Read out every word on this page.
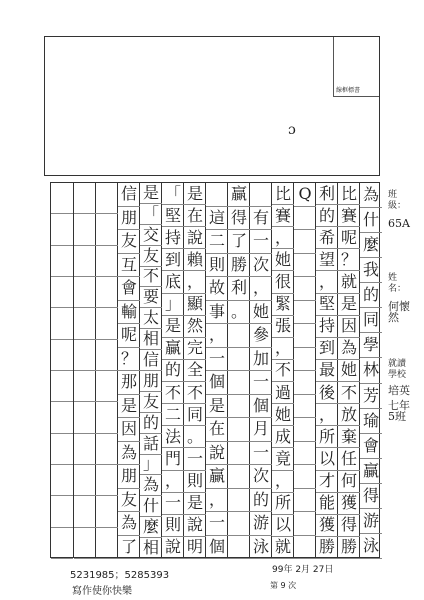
線框標書
ɔ
為
什
麼
我
的
同
學
林
芳
瑜
會
贏
得
游
泳
比
賽
呢
？
就
是
因
為
她
不
放
棄
任
何
獲
得
勝
利
的
希
望
，
堅
持
到
最
後
，
所
以
才
能
獲
勝
Q
比
賽
，
她
很
緊
張
，
不
過
她
成
竟
，
所
以
就
有
一
次
，
她
參
加
一
個
月
一
次
的
游
泳
贏
得
了
勝
利
。
這
二
則
故
事
，
一
個
是
在
說
贏
，
一
個
是
在
說
賴
，
顯
然
完
全
不
同
。
一
則
是
說
明
「
堅
持
到
底
」
是
贏
的
不
二
法
門
，
一
則
說
是
「
交
友
不
要
太
相
信
朋
友
的
話
」
為
什
麼
相
信
朋
友
互
會
輸
呢
？
那
是
因
為
朋
友
為
了
班級：
65A
姓名：
何懷然
就讀學校
培英
七年5班
5231985；5285393
寫作使你快樂
99年 2月 27日
第 9 次
